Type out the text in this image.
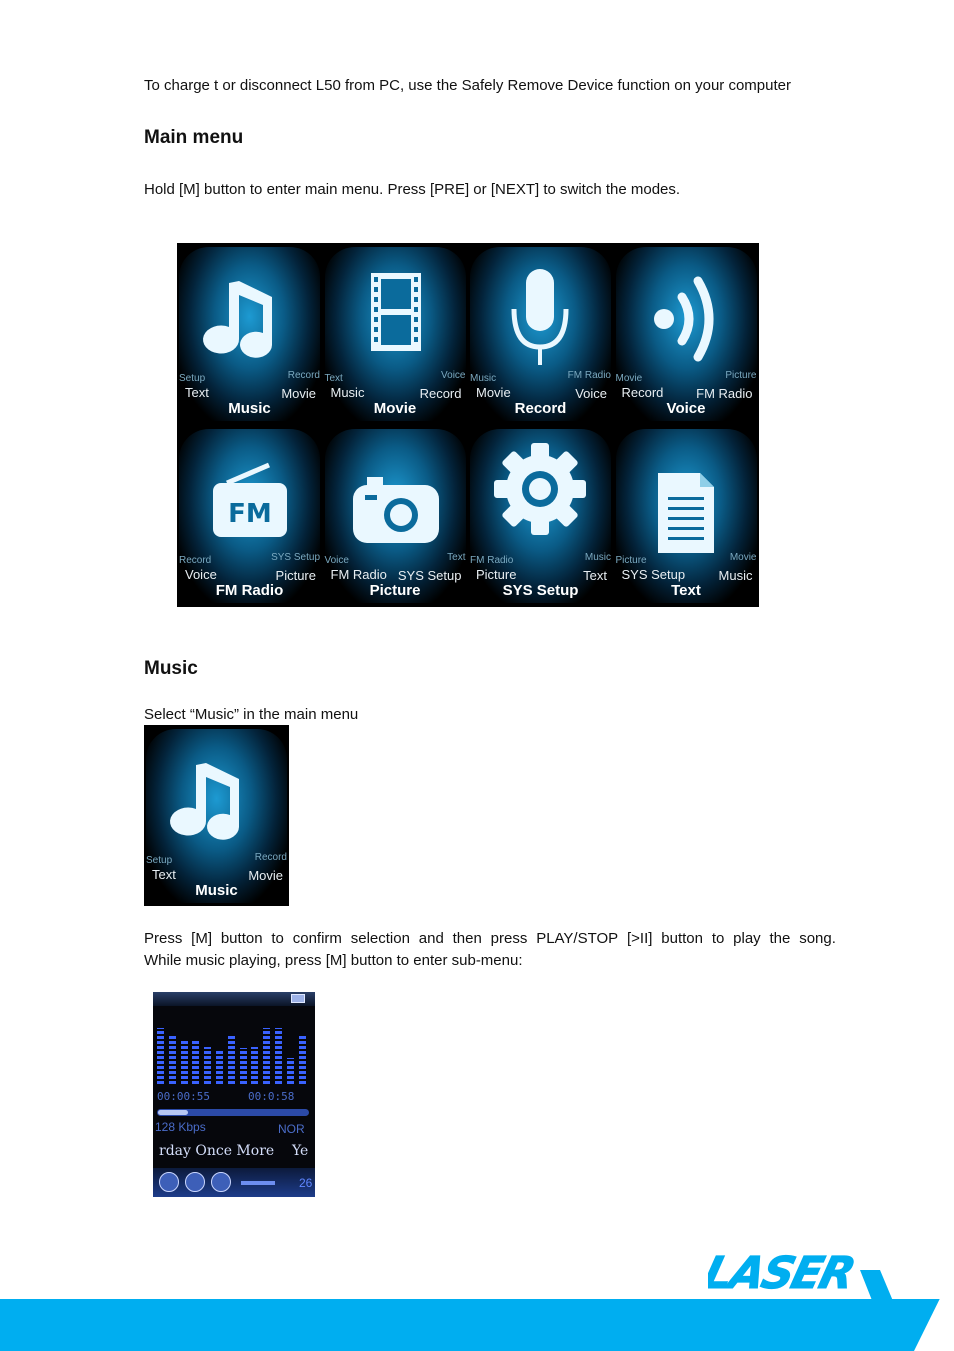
To charge t or disconnect L50 from PC, use the Safely Remove Device function on your computer
Main menu
Hold [M] button to enter main menu. Press [PRE] or [NEXT] to switch the modes.
Setup
Text
Record
Movie
Music
Text
Music
Voice
Record
Movie
Music
Movie
FM Radio
Voice
Record
Movie
Record
Picture
FM Radio
Voice
FM
Record
Voice
SYS Setup
Picture
FM Radio
Voice
FM Radio
Text
SYS Setup
Picture
FM Radio
Picture
Music
Text
SYS Setup
Picture
SYS Setup
Movie
Music
Text
Music
Select “Music” in the main menu
Setup
Text
Record
Movie
Music
Press [M] button to confirm selection and then press PLAY/STOP [>II] button to play the song.
While music playing, press [M] button to enter sub-menu:
00:00:55	00:0:58
128 Kbps	NOR
rday Once More Ye
26
LASER
